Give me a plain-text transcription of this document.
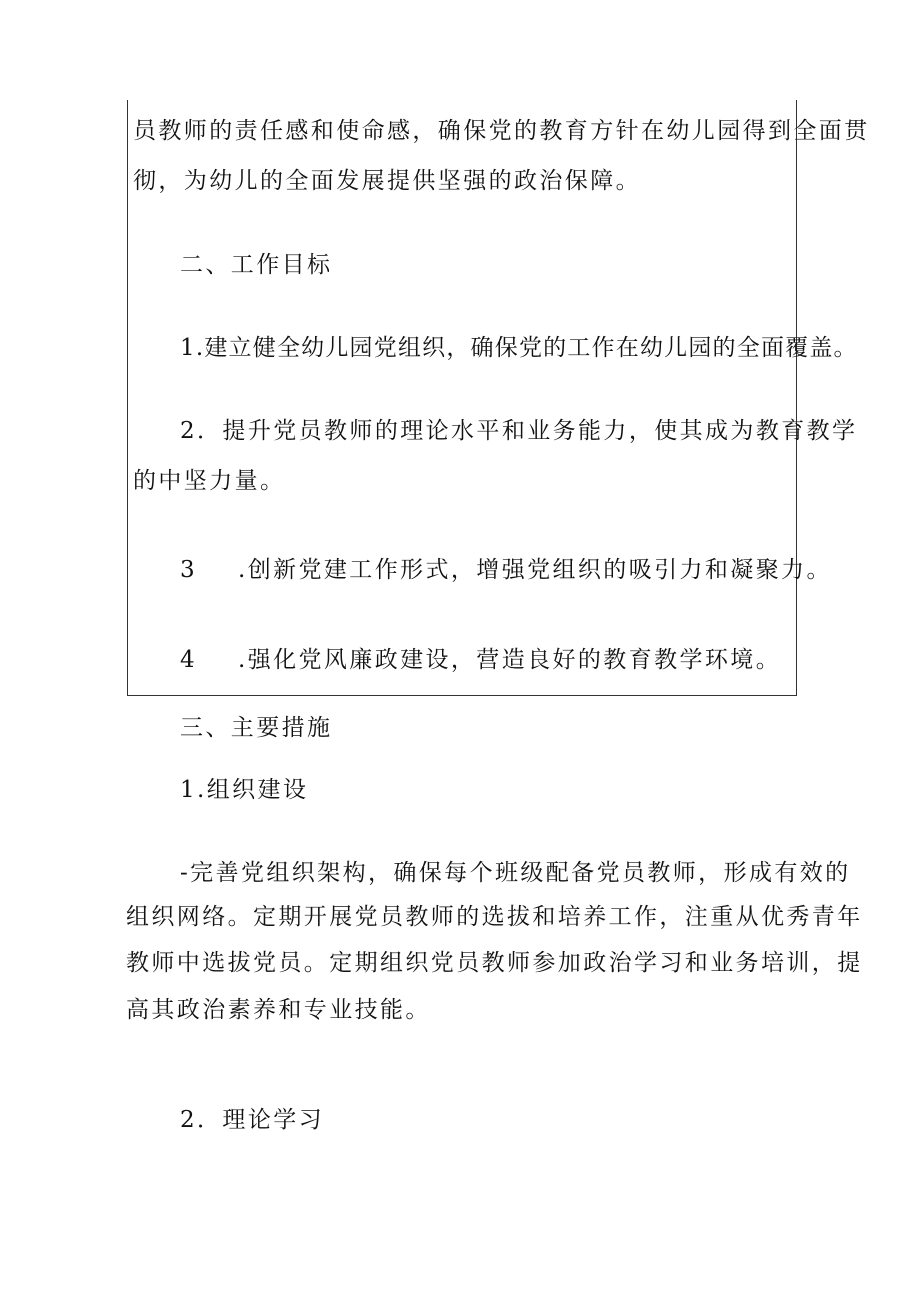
员教师的责任感和使命感，确保党的教育方针在幼儿园得到全面贯

彻，为幼儿的全面发展提供坚强的政治保障。

二、工作目标

1.建立健全幼儿园党组织，确保党的工作在幼儿园的全面覆盖。

2．提升党员教师的理论水平和业务能力，使其成为教育教学

的中坚力量。

3 .创新党建工作形式，增强党组织的吸引力和凝聚力。

4 .强化党风廉政建设，营造良好的教育教学环境。

三、主要措施

1.组织建设

-完善党组织架构，确保每个班级配备党员教师，形成有效的

组织网络。定期开展党员教师的选拔和培养工作，注重从优秀青年

教师中选拔党员。定期组织党员教师参加政治学习和业务培训，提

高其政治素养和专业技能。

2．理论学习
